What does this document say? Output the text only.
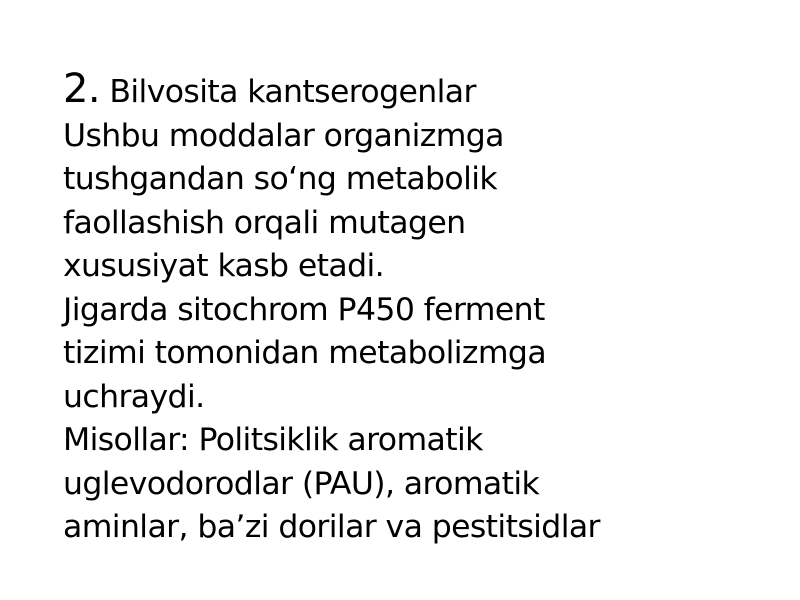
2. Bilvosita kantserogenlar
Ushbu moddalar organizmga
tushgandan so‘ng metabolik
faollashish orqali mutagen
xususiyat kasb etadi.
Jigarda sitochrom P450 ferment
tizimi tomonidan metabolizmga
uchraydi.
Misollar: Politsiklik aromatik
uglevodorodlar (PAU), aromatik
aminlar, ba’zi dorilar va pestitsidlar
